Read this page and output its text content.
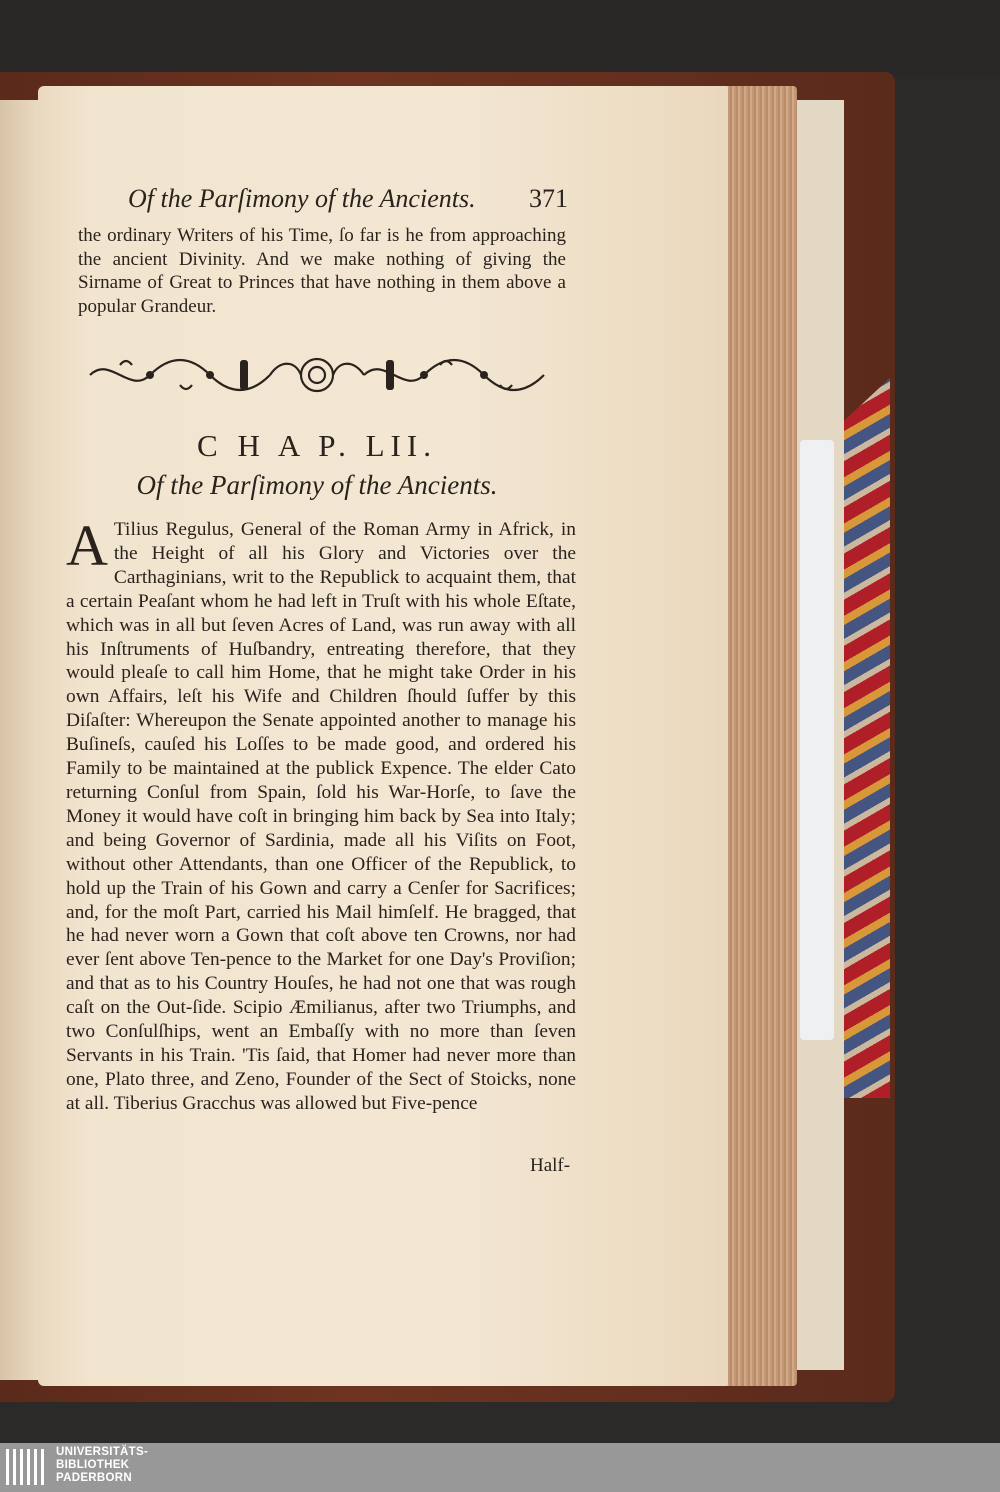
Of the Parſimony of the Ancients. 371
the ordinary Writers of his Time, ſo far is he from approaching the ancient Divinity. And we make nothing of giving the Sirname of Great to Princes that have nothing in them above a popular Grandeur.
C H A P. LII.
Of the Parſimony of the Ancients.
A Tilius Regulus, General of the Roman Army in Africk, in the Height of all his Glory and Victories over the Carthaginians, writ to the Republick to acquaint them, that a certain Peaſant whom he had left in Truſt with his whole Eſtate, which was in all but ſeven Acres of Land, was run away with all his Inſtruments of Huſbandry, entreating therefore, that they would pleaſe to call him Home, that he might take Order in his own Affairs, leſt his Wife and Children ſhould ſuffer by this Diſaſter: Whereupon the Senate appointed another to manage his Buſineſs, cauſed his Loſſes to be made good, and ordered his Family to be maintained at the publick Expence. The elder Cato returning Conſul from Spain, ſold his War-Horſe, to ſave the Money it would have coſt in bringing him back by Sea into Italy; and being Governor of Sardinia, made all his Viſits on Foot, without other Attendants, than one Officer of the Republick, to hold up the Train of his Gown and carry a Cenſer for Sacrifices; and, for the moſt Part, carried his Mail himſelf. He bragged, that he had never worn a Gown that coſt above ten Crowns, nor had ever ſent above Ten-pence to the Market for one Day's Proviſion; and that as to his Country Houſes, he had not one that was rough caſt on the Out-ſide. Scipio Æmilianus, after two Triumphs, and two Conſulſhips, went an Embaſſy with no more than ſeven Servants in his Train. 'Tis ſaid, that Homer had never more than one, Plato three, and Zeno, Founder of the Sect of Stoicks, none at all. Tiberius Gracchus was allowed but Five-pence
Half-
UNIVERSITÄTS-
BIBLIOTHEK
PADERBORN
